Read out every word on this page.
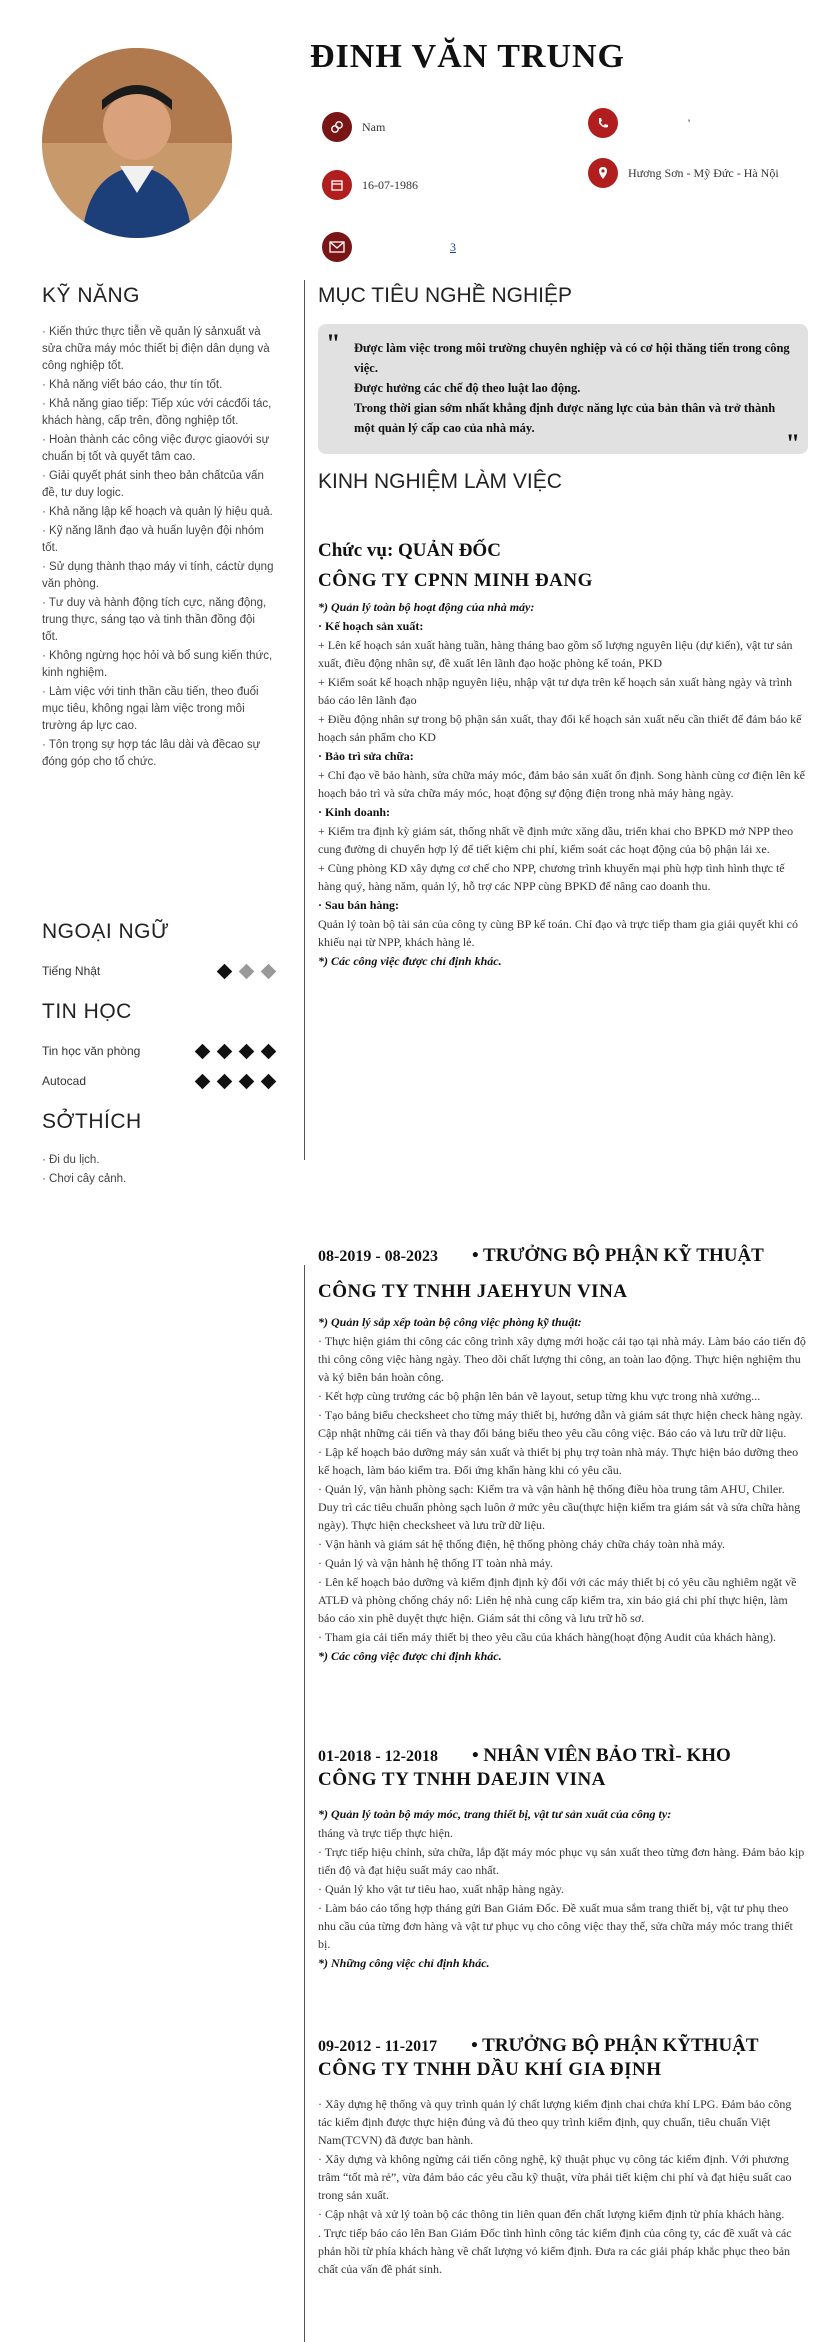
ĐINH VĂN TRUNG
Nam
16-07-1986
3
'
Hương Sơn - Mỹ Đức - Hà Nội
KỸ NĂNG
· Kiến thức thực tiễn về quản lý sảnxuất và sửa chữa máy móc thiết bị điện dân dụng và công nghiệp tốt.
· Khả năng viết báo cáo, thư tín tốt.
· Khả năng giao tiếp: Tiếp xúc với cácđối tác, khách hàng, cấp trên, đồng nghiệp tốt.
· Hoàn thành các công việc được giaovới sự chuẩn bị tốt và quyết tâm cao.
· Giải quyết phát sinh theo bản chấtcủa vấn đề, tư duy logic.
· Khả năng lập kế hoạch và quản lý hiệu quả.
· Kỹ năng lãnh đạo và huấn luyện đội nhóm tốt.
· Sử dụng thành thạo máy vi tính, cáctừ dụng văn phòng.
· Tư duy và hành động tích cực, năng động, trung thực, sáng tạo và tinh thần đồng đội tốt.
· Không ngừng học hỏi và bổ sung kiến thức, kinh nghiệm.
· Làm việc với tinh thần cầu tiến, theo đuổi mục tiêu, không ngại làm việc trong môi trường áp lực cao.
· Tôn trọng sự hợp tác lâu dài và đềcao sự đóng góp cho tổ chức.
NGOẠI NGỮ
Tiếng Nhật
TIN HỌC
Tin học văn phòng
Autocad
SỞTHÍCH
· Đi du lịch.
· Chơi cây cảnh.
MỤC TIÊU NGHỀ NGHIỆP
"	Được làm việc trong môi trường chuyên nghiệp và có cơ hội thăng tiến trong công việc.
Được hưởng các chế độ theo luật lao động.
Trong thời gian sớm nhất khẳng định được năng lực của bản thân và trở thành một quản lý cấp cao của nhà máy.
"
KINH NGHIỆM LÀM VIỆC
Chức vụ: QUẢN ĐỐC
CÔNG TY CPNN MINH ĐANG

*) Quản lý toàn bộ hoạt động của nhà máy:

· Kế hoạch sản xuất:

+ Lên kế hoạch sản xuất hàng tuần, hàng tháng bao gồm số lượng nguyên liệu (dự kiến), vật tư sản xuất, điều động nhân sự, đề xuất lên lãnh đạo hoặc phòng kế toán, PKD

+ Kiểm soát kế hoạch nhập nguyên liệu, nhập vật tư dựa trên kế hoạch sản xuất hàng ngày và trình báo cáo lên lãnh đạo

+ Điều động nhân sự trong bộ phận sản xuất, thay đổi kế hoạch sản xuất nếu cần thiết để đảm bảo kế hoạch sản phẩm cho KD

· Bảo trì sửa chữa:

+ Chỉ đạo về bảo hành, sửa chữa máy móc, đảm bảo sản xuất ổn định. Song hành cùng cơ điện lên kế hoạch bảo trì và sửa chữa máy móc, hoạt động sự động điện trong nhà máy hàng ngày.

· Kinh doanh:

+ Kiểm tra định kỳ giám sát, thống nhất về định mức xăng dầu, triển khai cho BPKD mở NPP theo cung đường di chuyển hợp lý để tiết kiệm chi phí, kiểm soát các hoạt động của bộ phận lái xe.

+ Cùng phòng KD xây dựng cơ chế cho NPP, chương trình khuyến mại phù hợp tình hình thực tế hàng quý, hàng năm, quản lý, hỗ trợ các NPP cùng BPKD để nâng cao doanh thu.

· Sau bán hàng:

Quản lý toàn bộ tài sản của công ty cùng BP kế toán. Chỉ đạo và trực tiếp tham gia giải quyết khi có khiếu nại từ NPP, khách hàng lẻ.

*) Các công việc được chỉ định khác.

08-2019 - 08-2023 • TRƯỞNG BỘ PHẬN KỸ THUẬT
CÔNG TY TNHH JAEHYUN VINA

*) Quản lý sắp xếp toàn bộ công việc phòng kỹ thuật:

· Thực hiện giám thi công các công trình xây dựng mới hoặc cải tạo tại nhà máy. Làm báo cáo tiến độ thi công công việc hàng ngày. Theo dõi chất lượng thi công, an toàn lao động. Thực hiện nghiệm thu và ký biên bản hoàn công.

· Kết hợp cùng trưởng các bộ phận lên bản vẽ layout, setup từng khu vực trong nhà xưởng...

· Tạo bảng biểu checksheet cho từng máy thiết bị, hướng dẫn và giám sát thực hiện check hàng ngày. Cập nhật những cải tiến và thay đổi bảng biểu theo yêu cầu công việc. Báo cáo và lưu trữ dữ liệu.

· Lập kế hoạch bảo dưỡng máy sản xuất và thiết bị phụ trợ toàn nhà máy. Thực hiện bảo dưỡng theo kế hoạch, làm báo kiểm tra. Đối ứng khẩn hàng khi có yêu cầu.

· Quản lý, vận hành phòng sạch: Kiểm tra và vận hành hệ thống điều hòa trung tâm AHU, Chiler. Duy trì các tiêu chuẩn phòng sạch luôn ở mức yêu cầu(thực hiện kiểm tra giám sát và sửa chữa hàng ngày). Thực hiện checksheet và lưu trữ dữ liệu.

· Vận hành và giám sát hệ thống điện, hệ thống phòng cháy chữa cháy toàn nhà máy.

· Quản lý và vận hành hệ thống IT toàn nhà máy.

· Lên kế hoạch bảo dưỡng và kiểm định định kỳ đối với các máy thiết bị có yêu cầu nghiêm ngặt về ATLĐ và phòng chống cháy nổ: Liên hệ nhà cung cấp kiểm tra, xin báo giá chi phí thực hiện, làm báo cáo xin phê duyệt thực hiện. Giám sát thi công và lưu trữ hồ sơ.

· Tham gia cải tiến máy thiết bị theo yêu cầu của khách hàng(hoạt động Audit của khách hàng).

*) Các công việc được chỉ định khác.

01-2018 - 12-2018 • NHÂN VIÊN BẢO TRÌ- KHO
CÔNG TY TNHH DAEJIN VINA

*) Quản lý toàn bộ máy móc, trang thiết bị, vật tư sản xuất của công ty:

tháng và trực tiếp thực hiện.

· Trực tiếp hiệu chỉnh, sửa chữa, lắp đặt máy móc phục vụ sản xuất theo từng đơn hàng. Đảm bảo kịp tiến độ và đạt hiệu suất máy cao nhất.

· Quản lý kho vật tư tiêu hao, xuất nhập hàng ngày.

· Làm báo cáo tổng hợp tháng gửi Ban Giám Đốc. Đề xuất mua sắm trang thiết bị, vật tư phụ theo nhu cầu của từng đơn hàng và vật tư phục vụ cho công việc thay thế, sửa chữa máy móc trang thiết bị.

*) Những công việc chỉ định khác.

09-2012 - 11-2017 • TRƯỞNG BỘ PHẬN KỸTHUẬT
CÔNG TY TNHH DẦU KHÍ GIA ĐỊNH

· Xây dựng hệ thống và quy trình quản lý chất lượng kiểm định chai chứa khí LPG. Đảm bảo công tác kiểm định được thực hiện đúng và đủ theo quy trình kiểm định, quy chuẩn, tiêu chuẩn Việt Nam(TCVN) đã được ban hành.

· Xây dựng và không ngừng cải tiến công nghệ, kỹ thuật phục vụ công tác kiểm định. Với phương trâm “tốt mà rẻ”, vừa đảm bảo các yêu cầu kỹ thuật, vừa phải tiết kiệm chi phí và đạt hiệu suất cao trong sản xuất.

· Cập nhật và xử lý toàn bộ các thông tin liên quan đến chất lượng kiểm định từ phía khách hàng.

. Trực tiếp báo cáo lên Ban Giám Đốc tình hình công tác kiểm định của công ty, các đề xuất và các phản hồi từ phía khách hàng về chất lượng vỏ kiểm định. Đưa ra các giải pháp khắc phục theo bản chất của vấn đề phát sinh.
